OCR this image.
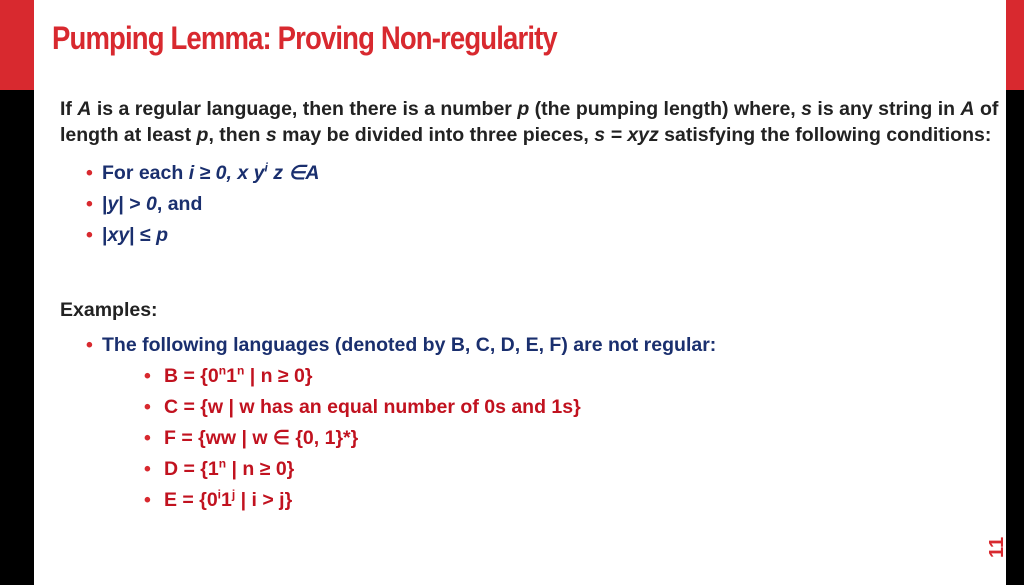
Pumping Lemma: Proving Non-regularity
If A is a regular language, then there is a number p (the pumping length) where, s is any string in A of length at least p, then s may be divided into three pieces, s = xyz satisfying the following conditions:
• For each i ≥ 0, x $y^i$ z ∈A
• |y| > 0, and
• |xy| ≤ p
Examples:
• The following languages (denoted by B, C, D, E, F) are not regular:
• $B = \{0^n1^n$ | n ≥ 0}
• C = {w | w has an equal number of 0s and 1s}
• F = {ww | w ∈ {0, 1}*}
• $D = \{1^n$ | n ≥ 0}
• $E = \{0^i1^j$ | i > j}
11
